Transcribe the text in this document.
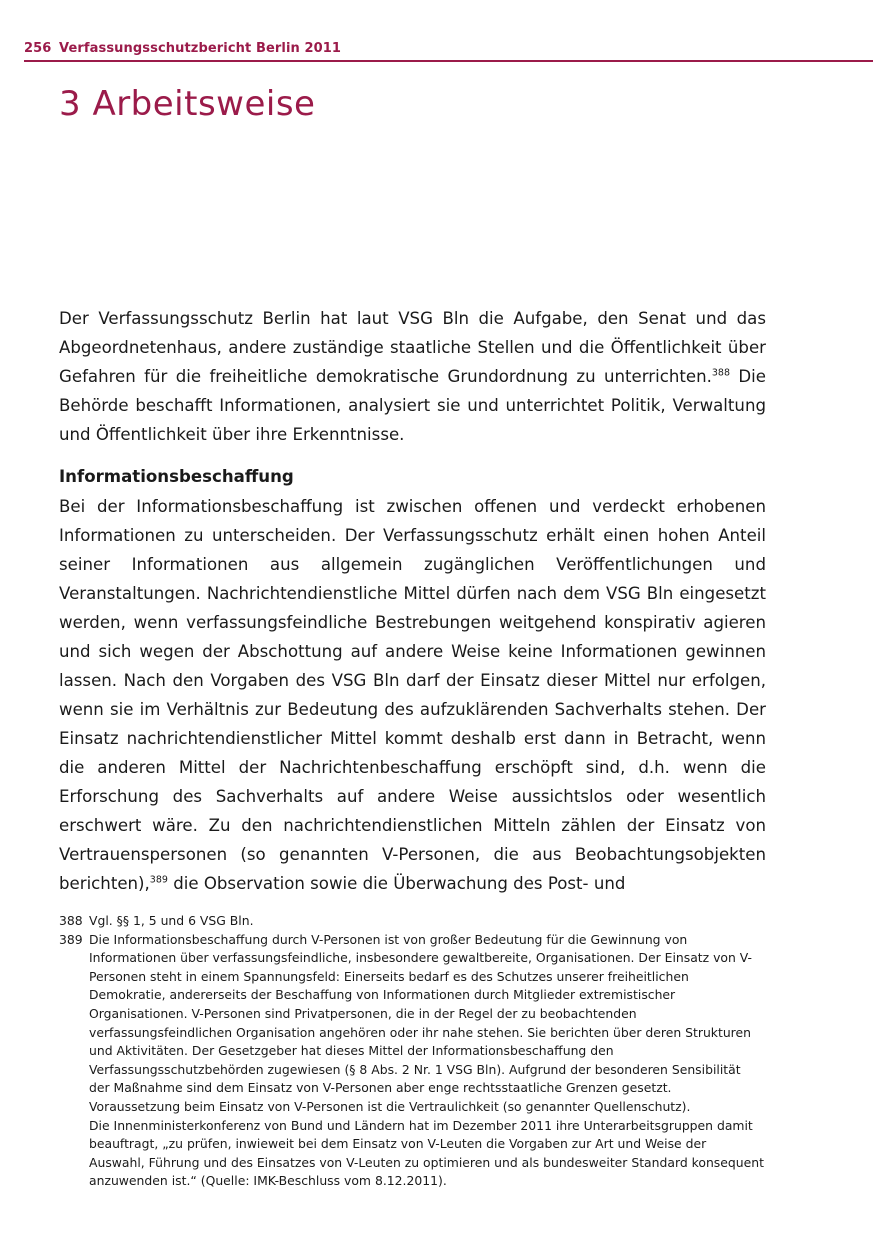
256 Verfassungsschutzbericht Berlin 2011
3 Arbeitsweise

Der Verfassungsschutz Berlin hat laut VSG Bln die Aufgabe, den Senat und das Abgeordnetenhaus, andere zuständige staatliche Stellen und die Öffentlichkeit über Gefahren für die freiheitliche demokratische Grundordnung zu unterrichten.$^{388}$ Die Behörde beschafft Informationen, analysiert sie und unterrichtet Politik, Verwaltung und Öffentlichkeit über ihre Erkenntnisse.

Informationsbeschaffung

Bei der Informationsbeschaffung ist zwischen offenen und verdeckt erhobenen Informationen zu unterscheiden. Der Verfassungsschutz erhält einen hohen Anteil seiner Informationen aus allgemein zugänglichen Veröffentlichungen und Veranstaltungen. Nachrichtendienstliche Mittel dürfen nach dem VSG Bln eingesetzt werden, wenn verfassungsfeindliche Bestrebungen weitgehend konspirativ agieren und sich wegen der Abschottung auf andere Weise keine Informationen gewinnen lassen. Nach den Vorgaben des VSG Bln darf der Einsatz dieser Mittel nur erfolgen, wenn sie im Verhältnis zur Bedeutung des aufzuklärenden Sachverhalts stehen. Der Einsatz nachrichtendienstlicher Mittel kommt deshalb erst dann in Betracht, wenn die anderen Mittel der Nachrichtenbeschaffung erschöpft sind, d.h. wenn die Erforschung des Sachverhalts auf andere Weise aussichtslos oder wesentlich erschwert wäre. Zu den nachrichtendienstlichen Mitteln zählen der Einsatz von Vertrauenspersonen (so genannten V-Personen, die aus Beobachtungsobjekten berichten),$^{389}$ die Observation sowie die Überwachung des Post- und

388 Vgl. §§ 1, 5 und 6 VSG Bln.
389 Die Informationsbeschaffung durch V-Personen ist von großer Bedeutung für die Gewinnung von Informationen über verfassungsfeindliche, insbesondere gewaltbereite, Organisationen. Der Einsatz von V-Personen steht in einem Spannungsfeld: Einerseits bedarf es des Schutzes unserer freiheitlichen Demokratie, andererseits der Beschaffung von Informationen durch Mitglieder extremistischer Organisationen. V-Personen sind Privatpersonen, die in der Regel der zu beobachtenden verfassungsfeindlichen Organisation angehören oder ihr nahe stehen. Sie berichten über deren Strukturen und Aktivitäten. Der Gesetzgeber hat dieses Mittel der Informationsbeschaffung den Verfassungsschutzbehörden zugewiesen (§ 8 Abs. 2 Nr. 1 VSG Bln). Aufgrund der besonderen Sensibilität der Maßnahme sind dem Einsatz von V-Personen aber enge rechtsstaatliche Grenzen gesetzt. Voraussetzung beim Einsatz von V-Personen ist die Vertraulichkeit (so genannter Quellenschutz).
Die Innenministerkonferenz von Bund und Ländern hat im Dezember 2011 ihre Unterarbeitsgruppen damit beauftragt, „zu prüfen, inwieweit bei dem Einsatz von V-Leuten die Vorgaben zur Art und Weise der Auswahl, Führung und des Einsatzes von V-Leuten zu optimieren und als bundesweiter Standard konsequent anzuwenden ist.“ (Quelle: IMK-Beschluss vom 8.12.2011).
